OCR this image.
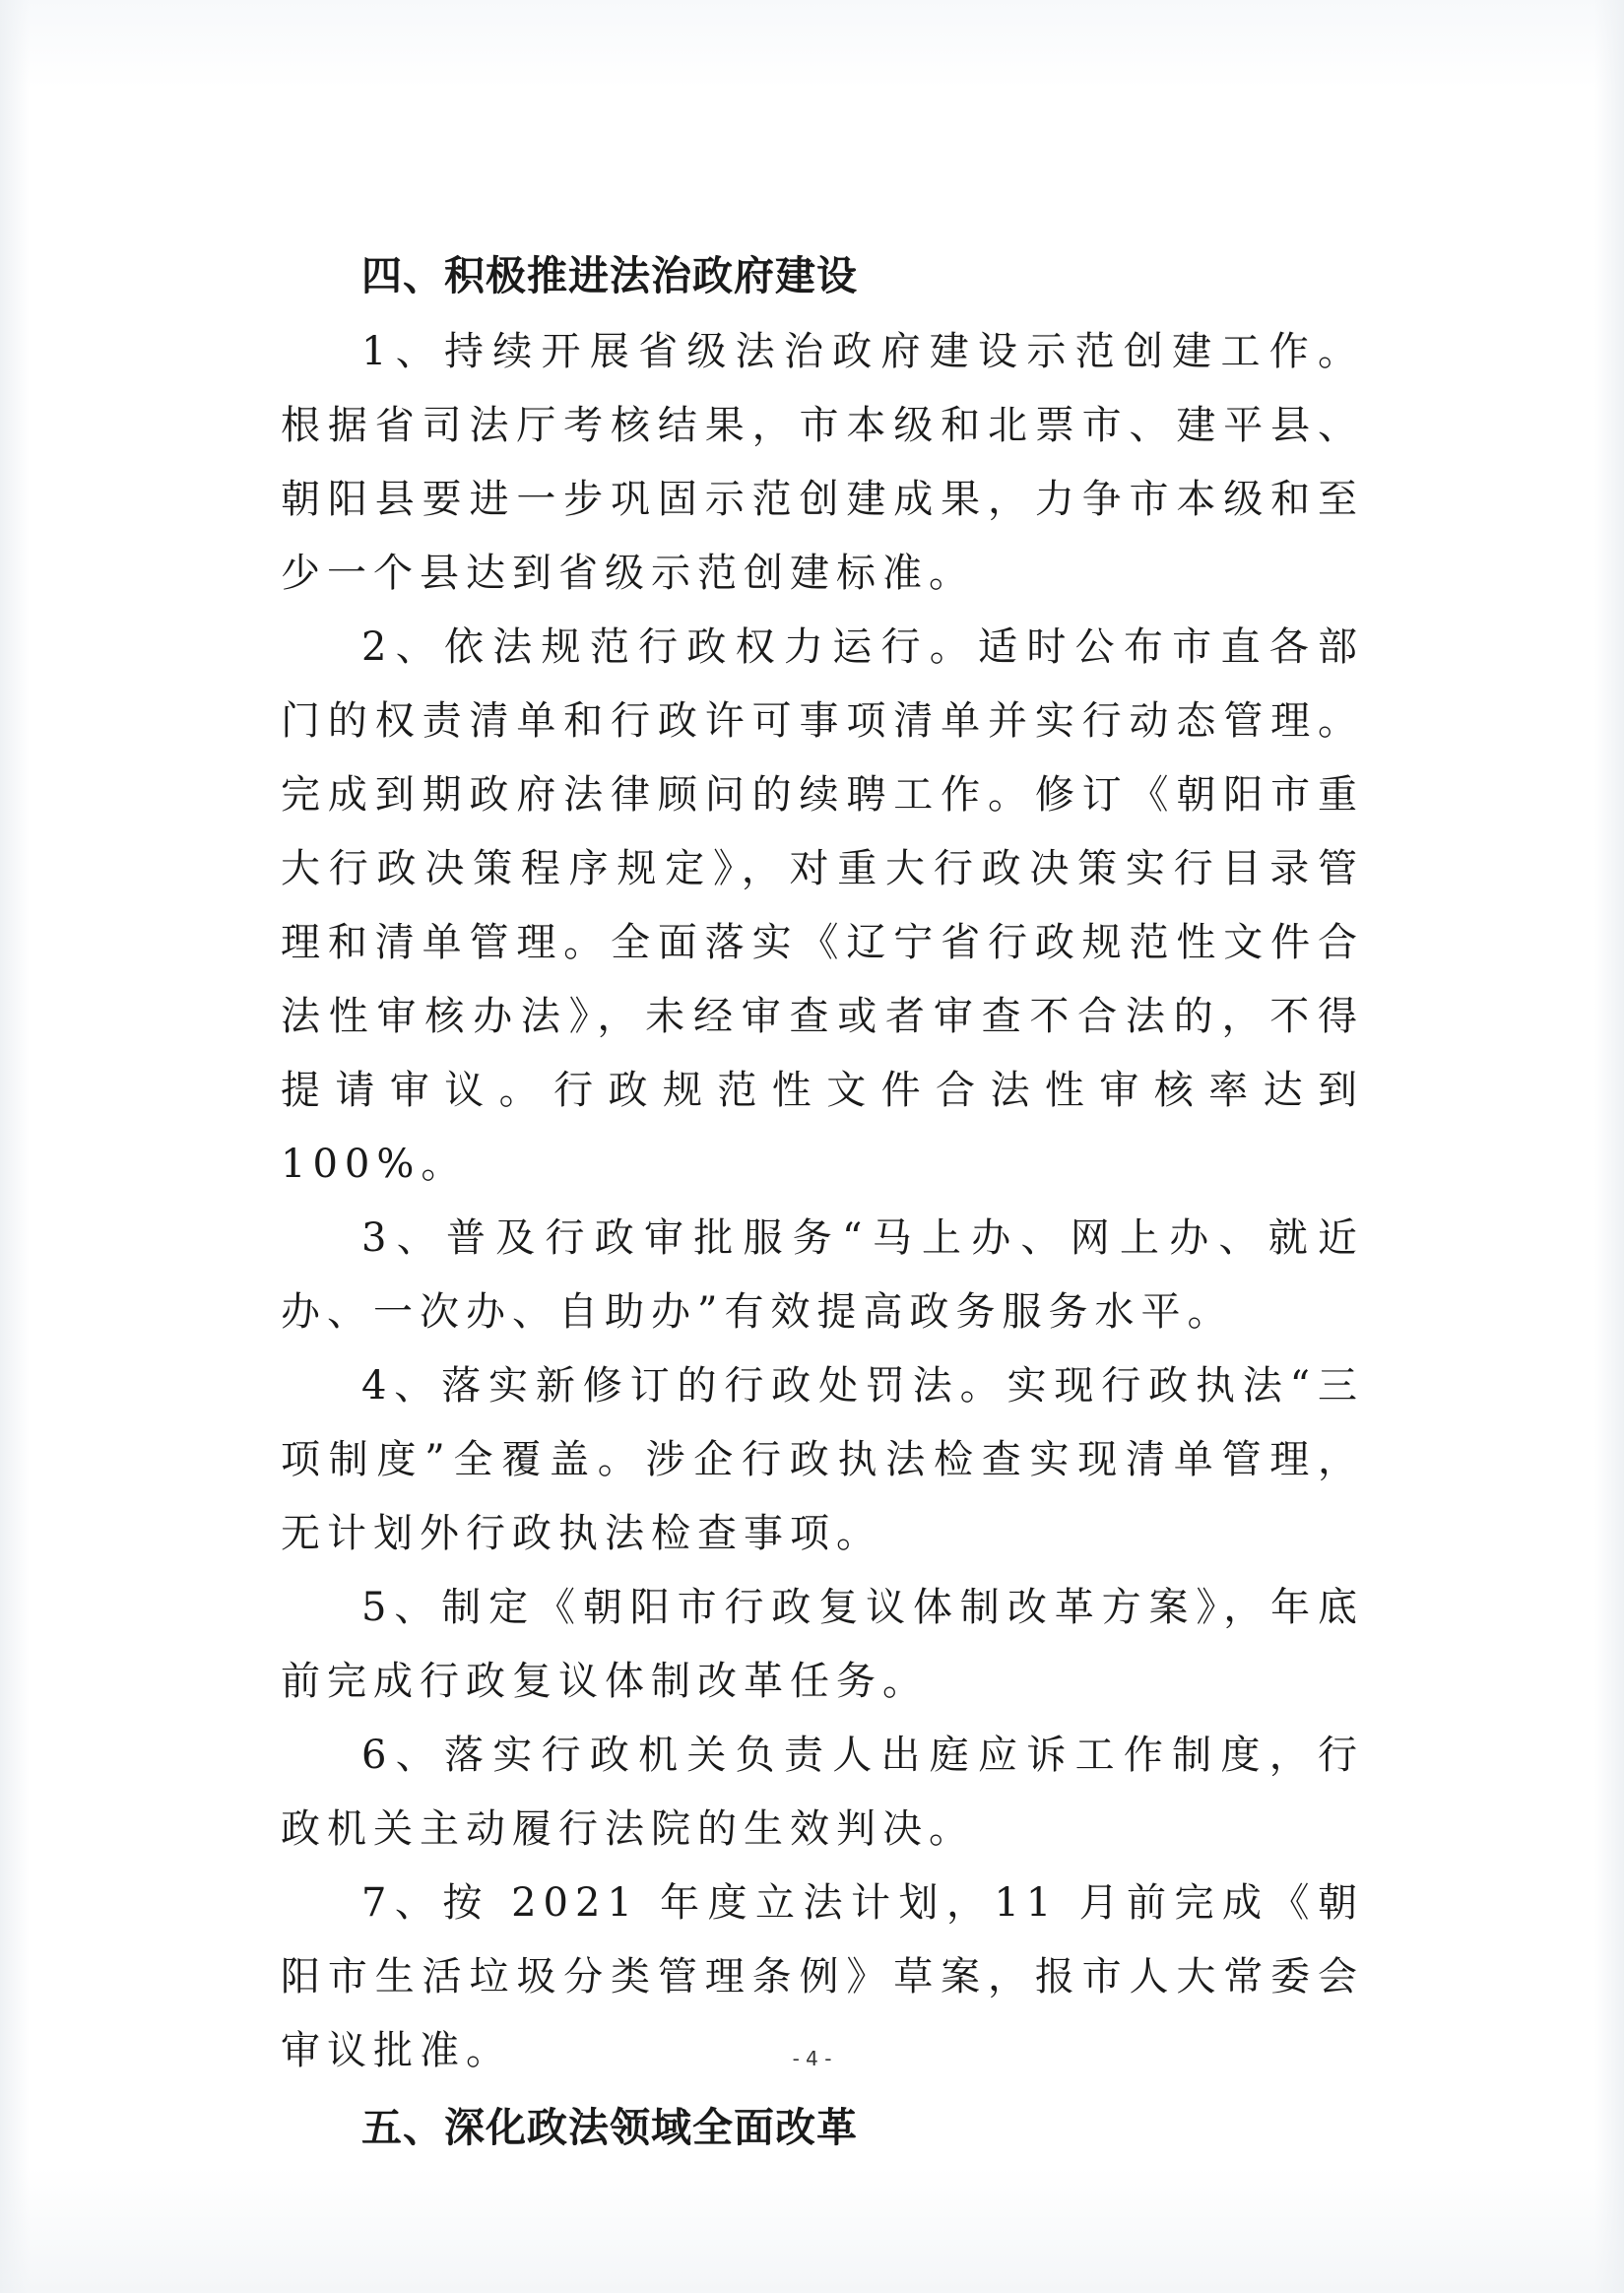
四、积极推进法治政府建设

1、持续开展省级法治政府建设示范创建工作。根据省司法厅考核结果，市本级和北票市、建平县、朝阳县要进一步巩固示范创建成果，力争市本级和至少一个县达到省级示范创建标准。

2、依法规范行政权力运行。适时公布市直各部门的权责清单和行政许可事项清单并实行动态管理。完成到期政府法律顾问的续聘工作。修订《朝阳市重大行政决策程序规定》，对重大行政决策实行目录管理和清单管理。全面落实《辽宁省行政规范性文件合法性审核办法》，未经审查或者审查不合法的，不得提请审议。行政规范性文件合法性审核率达到100%。

3、普及行政审批服务“马上办、网上办、就近办、一次办、自助办”有效提高政务服务水平。

4、落实新修订的行政处罚法。实现行政执法“三项制度”全覆盖。涉企行政执法检查实现清单管理，无计划外行政执法检查事项。

5、制定《朝阳市行政复议体制改革方案》，年底前完成行政复议体制改革任务。

6、落实行政机关负责人出庭应诉工作制度，行政机关主动履行法院的生效判决。

7、按 2021 年度立法计划，11 月前完成《朝阳市生活垃圾分类管理条例》草案，报市人大常委会审议批准。

五、深化政法领域全面改革
- 4 -
